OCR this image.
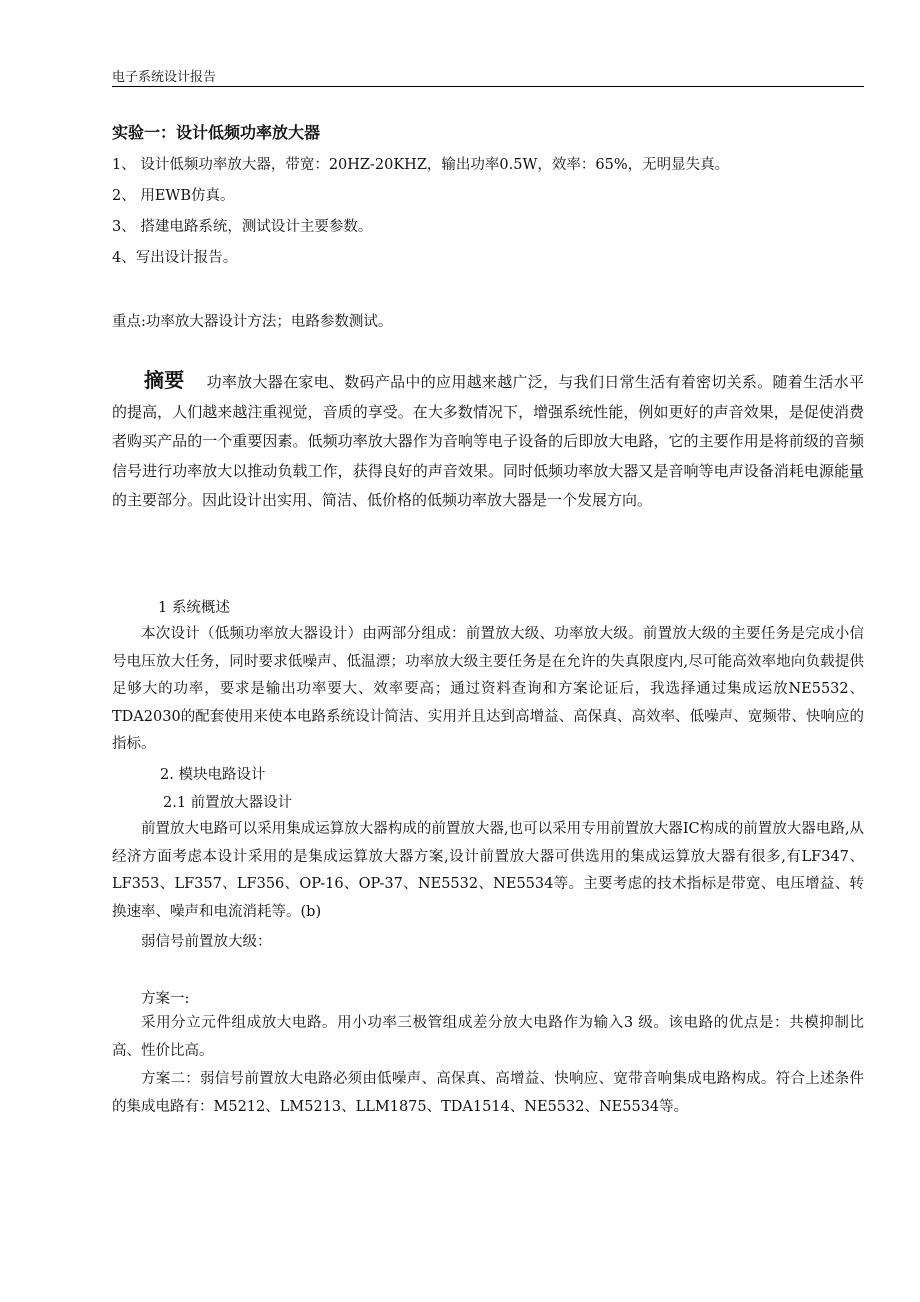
电子系统设计报告
实验一：设计低频功率放大器
1、 设计低频功率放大器，带宽：20HZ-20KHZ，输出功率0.5W，效率：65%，无明显失真。
2、 用EWB仿真。
3、 搭建电路系统，测试设计主要参数。
4、写出设计报告。
重点:功率放大器设计方法；电路参数测试。
摘要 功率放大器在家电、数码产品中的应用越来越广泛，与我们日常生活有着密切关系。随着生活水平的提高，人们越来越注重视觉，音质的享受。在大多数情况下，增强系统性能，例如更好的声音效果，是促使消费者购买产品的一个重要因素。低频功率放大器作为音响等电子设备的后即放大电路，它的主要作用是将前级的音频信号进行功率放大以推动负载工作，获得良好的声音效果。同时低频功率放大器又是音响等电声设备消耗电源能量的主要部分。因此设计出实用、简洁、低价格的低频功率放大器是一个发展方向。
1 系统概述
本次设计（低频功率放大器设计）由两部分组成：前置放大级、功率放大级。前置放大级的主要任务是完成小信号电压放大任务，同时要求低噪声、低温漂；功率放大级主要任务是在允许的失真限度内,尽可能高效率地向负载提供足够大的功率，要求是输出功率要大、效率要高；通过资料查询和方案论证后，我选择通过集成运放NE5532、TDA2030的配套使用来使本电路系统设计简洁、实用并且达到高增益、高保真、高效率、低噪声、宽频带、快响应的指标。
2. 模块电路设计
2.1 前置放大器设计
前置放大电路可以采用集成运算放大器构成的前置放大器,也可以采用专用前置放大器IC构成的前置放大器电路,从经济方面考虑本设计采用的是集成运算放大器方案,设计前置放大器可供选用的集成运算放大器有很多,有LF347、LF353、LF357、LF356、OP-16、OP-37、NE5532、NE5534等。主要考虑的技术指标是带宽、电压增益、转换速率、噪声和电流消耗等。(b)
弱信号前置放大级：
方案一:
采用分立元件组成放大电路。用小功率三极管组成差分放大电路作为输入3 级。该电路的优点是：共模抑制比高、性价比高。
方案二：弱信号前置放大电路必须由低噪声、高保真、高增益、快响应、宽带音响集成电路构成。符合上述条件的集成电路有：M5212、LM5213、LLM1875、TDA1514、NE5532、NE5534等。
